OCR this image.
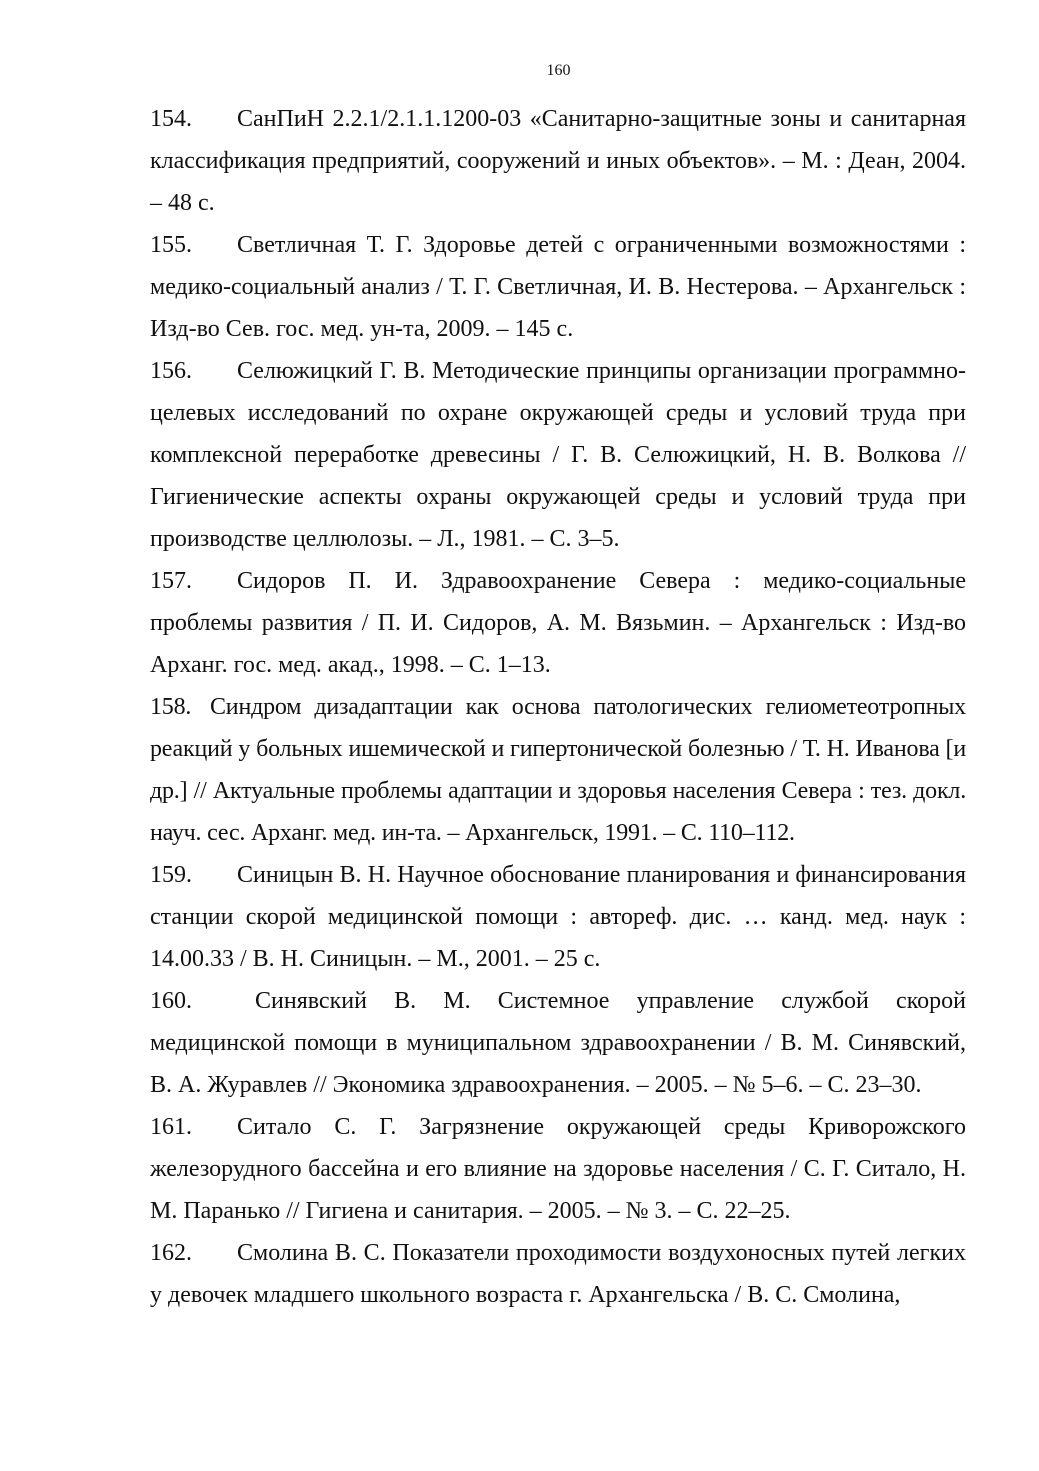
160
154. СанПиН 2.2.1/2.1.1.1200-03 «Санитарно-защитные зоны и санитарная классификация предприятий, сооружений и иных объектов». – М. : Деан, 2004. – 48 с.
155. Светличная Т. Г. Здоровье детей с ограниченными возможностями : медико-социальный анализ / Т. Г. Светличная, И. В. Нестерова. – Архангельск : Изд-во Сев. гос. мед. ун-та, 2009. – 145 с.
156. Селюжицкий Г. В. Методические принципы организации программно-целевых исследований по охране окружающей среды и условий труда при комплексной переработке древесины / Г. В. Селюжицкий, Н. В. Волкова // Гигиенические аспекты охраны окружающей среды и условий труда при производстве целлюлозы. – Л., 1981. – С. 3–5.
157. Сидоров П. И. Здравоохранение Севера : медико-социальные проблемы развития / П. И. Сидоров, А. М. Вязьмин. – Архангельск : Изд-во Арханг. гос. мед. акад., 1998. – С. 1–13.
158. Синдром дизадаптации как основа патологических гелиометеотропных реакций у больных ишемической и гипертонической болезнью / Т. Н. Иванова [и др.] // Актуальные проблемы адаптации и здоровья населения Севера : тез. докл. науч. сес. Арханг. мед. ин-та. – Архангельск, 1991. – С. 110–112.
159. Синицын В. Н. Научное обоснование планирования и финансирования станции скорой медицинской помощи : автореф. дис. … канд. мед. наук : 14.00.33 / В. Н. Синицын. – М., 2001. – 25 с.
160.	Синявский В. М. Системное управление службой скорой медицинской помощи в муниципальном здравоохранении / В. М. Синявский, В. А. Журавлев // Экономика здравоохранения. – 2005. – № 5–6. – С. 23–30.
161. Ситало С. Г. Загрязнение окружающей среды Криворожского железорудного бассейна и его влияние на здоровье населения / С. Г. Ситало, Н. М. Паранько // Гигиена и санитария. – 2005. – № 3. – С. 22–25.
162. Смолина В. С. Показатели проходимости воздухоносных путей легких у девочек младшего школьного возраста г. Архангельска / В. С. Смолина,
